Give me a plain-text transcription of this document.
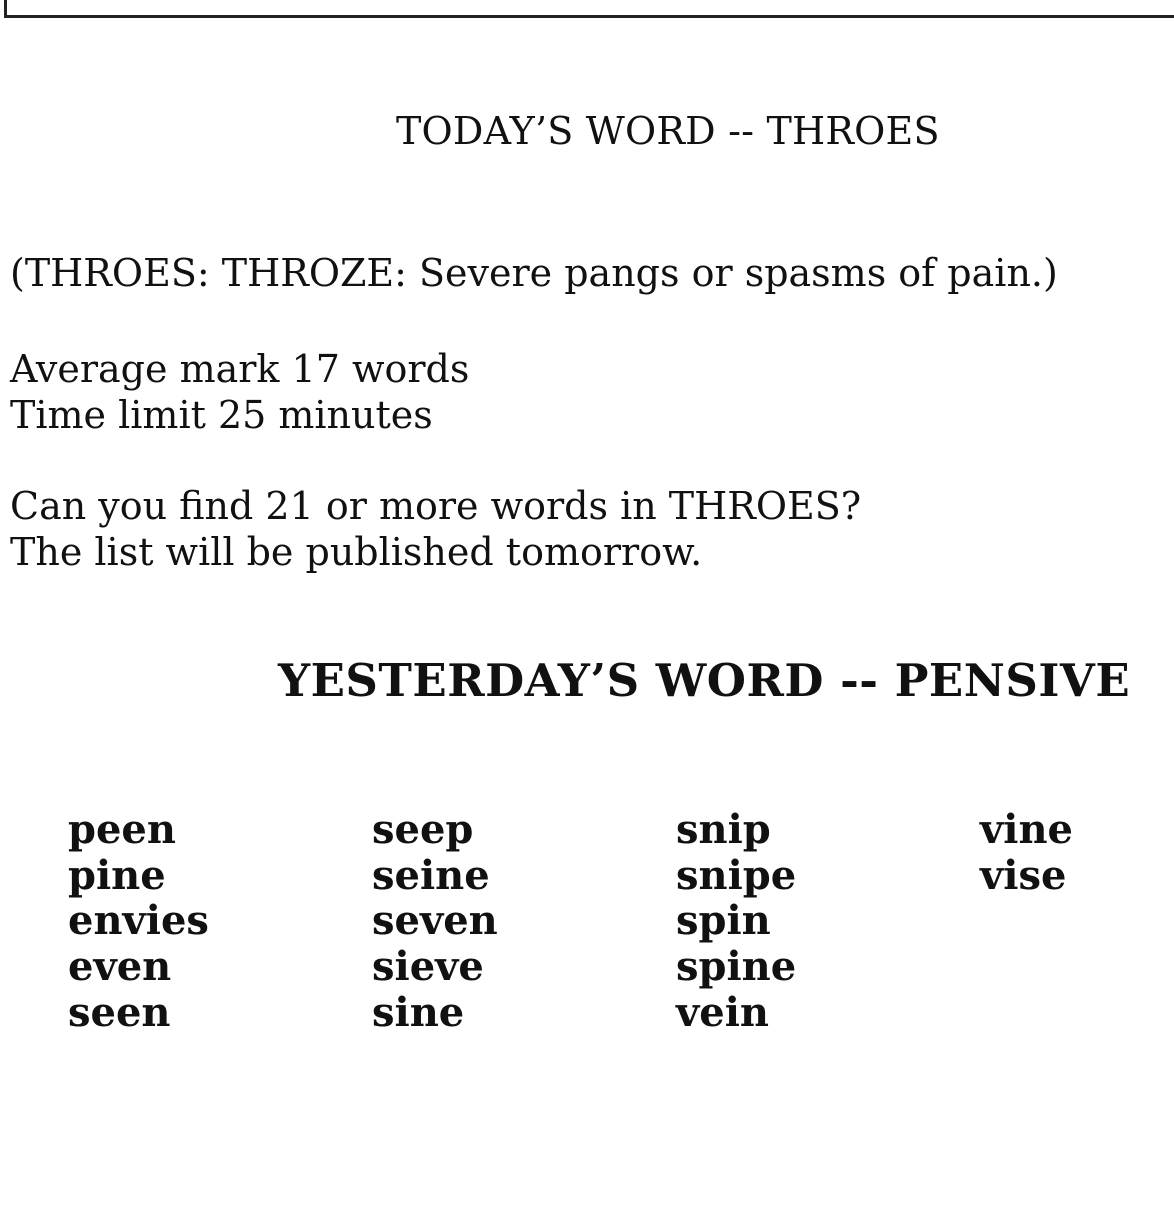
TODAY’S WORD -- THROES
(THROES: THROZE: Severe pangs or spasms of pain.)
Average mark 17 words
Time limit 25 minutes
Can you find 21 or more words in THROES?
The list will be published tomorrow.
YESTERDAY’S WORD -- PENSIVE
peen
pine
envies
even
seen
seep
seine
seven
sieve
sine
snip
snipe
spin
spine
vein
vine
vise
